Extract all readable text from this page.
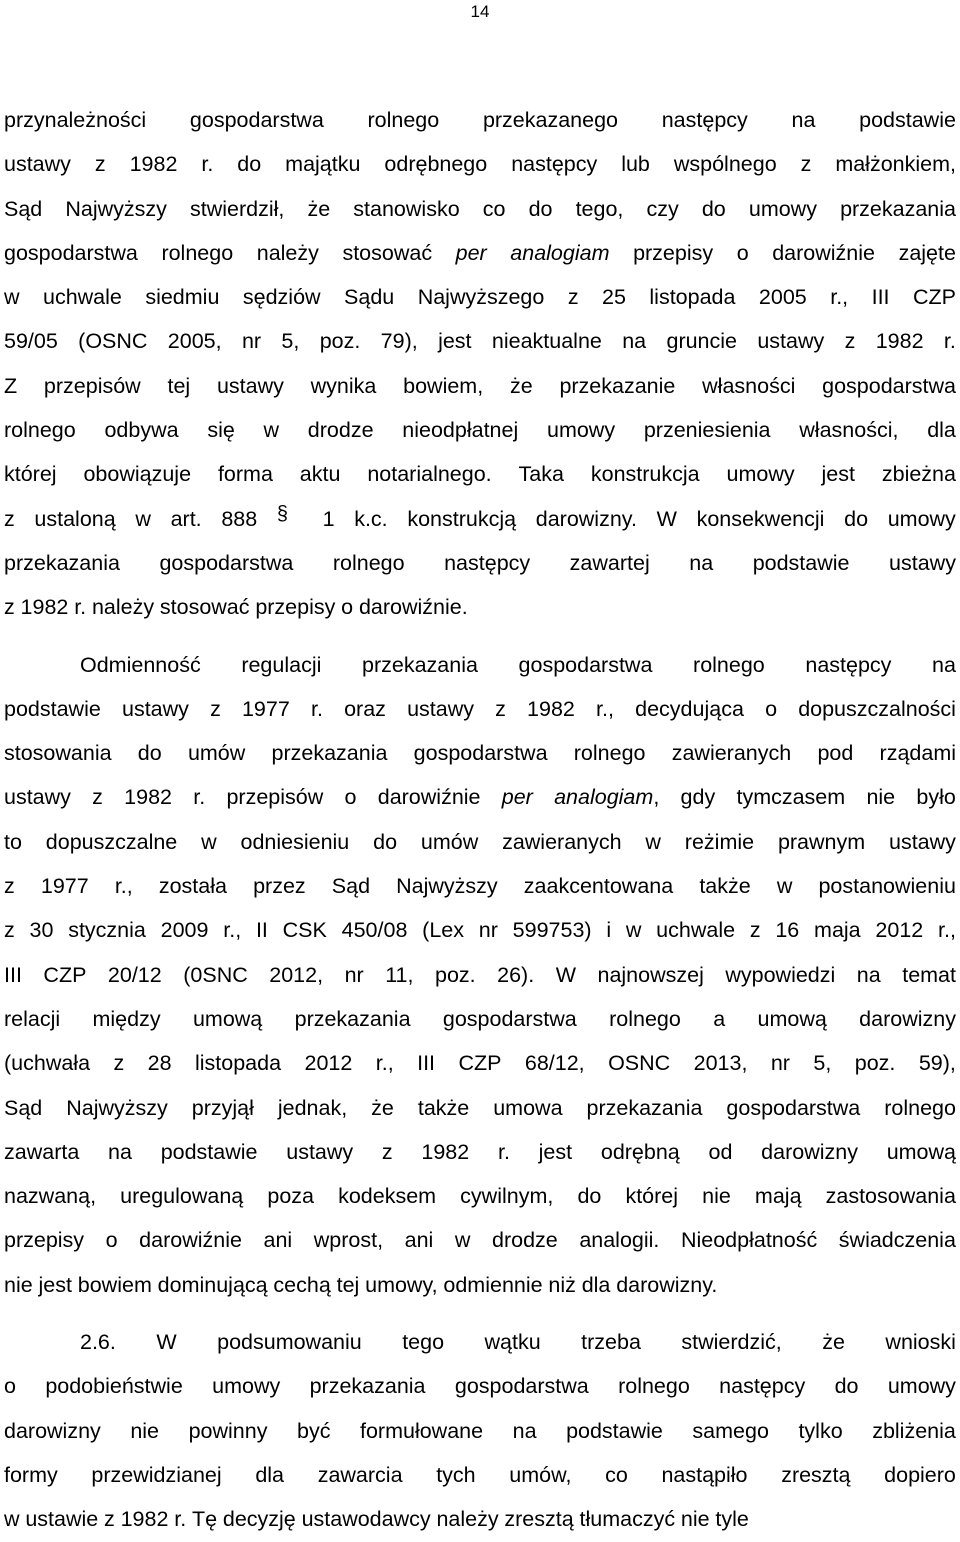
14
przynależności gospodarstwa rolnego przekazanego następcy na podstawie
ustawy z 1982 r. do majątku odrębnego następcy lub wspólnego z małżonkiem,
Sąd Najwyższy stwierdził, że stanowisko co do tego, czy do umowy przekazania
gospodarstwa rolnego należy stosować per analogiam przepisy o darowiźnie zajęte
w uchwale siedmiu sędziów Sądu Najwyższego z 25 listopada 2005 r., III CZP
59/05 (OSNC 2005, nr 5, poz. 79), jest nieaktualne na gruncie ustawy z 1982 r.
Z przepisów tej ustawy wynika bowiem, że przekazanie własności gospodarstwa
rolnego odbywa się w drodze nieodpłatnej umowy przeniesienia własności, dla
której obowiązuje forma aktu notarialnego. Taka konstrukcja umowy jest zbieżna
z ustaloną w art. 888 §	1 k.c. konstrukcją darowizny. W konsekwencji do umowy
przekazania gospodarstwa rolnego następcy zawartej na podstawie ustawy
z 1982 r. należy stosować przepisy o darowiźnie.
Odmienność regulacji przekazania gospodarstwa rolnego następcy na
podstawie ustawy z 1977 r. oraz ustawy z 1982 r., decydująca o dopuszczalności
stosowania do umów przekazania gospodarstwa rolnego zawieranych pod rządami
ustawy z 1982 r. przepisów o darowiźnie per analogiam, gdy tymczasem nie było
to dopuszczalne w odniesieniu do umów zawieranych w reżimie prawnym ustawy
z 1977 r., została przez Sąd Najwyższy zaakcentowana także w postanowieniu
z 30 stycznia 2009 r., II CSK 450/08 (Lex nr 599753) i w uchwale z 16 maja 2012 r.,
III CZP 20/12 (0SNC 2012, nr 11, poz. 26). W najnowszej wypowiedzi na temat
relacji między umową przekazania gospodarstwa rolnego a umową darowizny
(uchwała z 28 listopada 2012 r., III CZP 68/12, OSNC 2013, nr 5, poz. 59),
Sąd Najwyższy przyjął jednak, że także umowa przekazania gospodarstwa rolnego
zawarta na podstawie ustawy z 1982 r. jest odrębną od darowizny umową
nazwaną, uregulowaną poza kodeksem cywilnym, do której nie mają zastosowania
przepisy o darowiźnie ani wprost, ani w drodze analogii. Nieodpłatność świadczenia
nie jest bowiem dominującą cechą tej umowy, odmiennie niż dla darowizny.
2.6. W podsumowaniu tego wątku trzeba stwierdzić, że wnioski
o podobieństwie umowy przekazania gospodarstwa rolnego następcy do umowy
darowizny nie powinny być formułowane na podstawie samego tylko zbliżenia
formy przewidzianej dla zawarcia tych umów, co nastąpiło zresztą dopiero
w ustawie z 1982 r. Tę decyzję ustawodawcy należy zresztą tłumaczyć nie tyle
